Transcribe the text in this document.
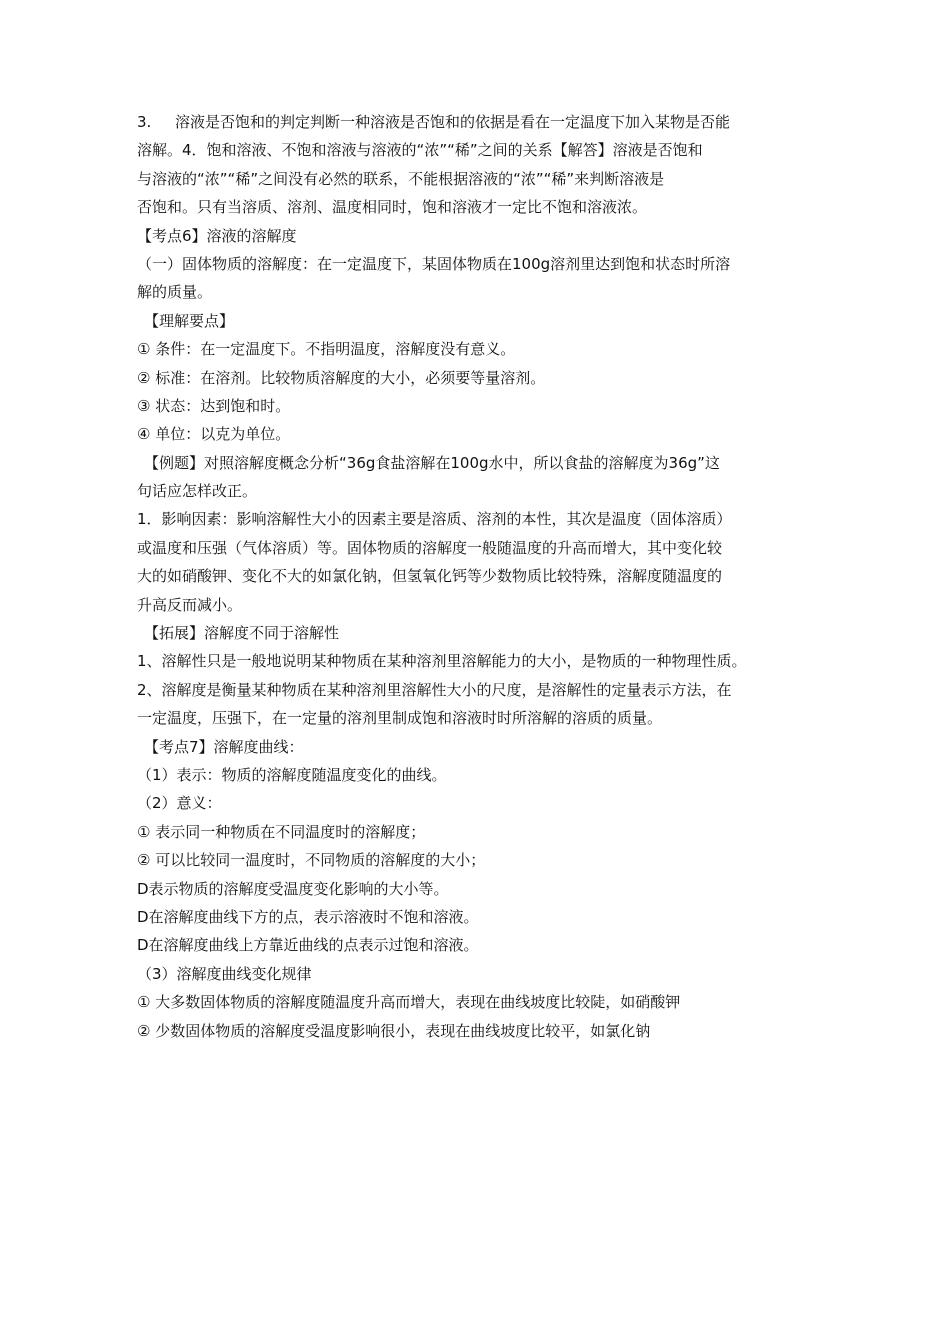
3. 溶液是否饱和的判定判断一种溶液是否饱和的依据是看在一定温度下加入某物是否能
溶解。4．饱和溶液、不饱和溶液与溶液的“浓”“稀”之间的关系【解答】溶液是否饱和
与溶液的“浓”“稀”之间没有必然的联系，不能根据溶液的“浓”“稀”来判断溶液是
否饱和。只有当溶质、溶剂、温度相同时，饱和溶液才一定比不饱和溶液浓。
【考点6】溶液的溶解度
（一）固体物质的溶解度：在一定温度下，某固体物质在100g溶剂里达到饱和状态时所溶
解的质量。
【理解要点】
① 条件：在一定温度下。不指明温度，溶解度没有意义。
② 标准：在溶剂。比较物质溶解度的大小，必须要等量溶剂。
③ 状态：达到饱和时。
④ 单位：以克为单位。
【例题】对照溶解度概念分析“36g食盐溶解在100g水中，所以食盐的溶解度为36g”这
句话应怎样改正。
1．影响因素：影响溶解性大小的因素主要是溶质、溶剂的本性，其次是温度（固体溶质）
或温度和压强（气体溶质）等。固体物质的溶解度一般随温度的升高而增大，其中变化较
大的如硝酸钾、变化不大的如氯化钠，但氢氧化钙等少数物质比较特殊，溶解度随温度的
升高反而减小。
【拓展】溶解度不同于溶解性
1、溶解性只是一般地说明某种物质在某种溶剂里溶解能力的大小，是物质的一种物理性质。
2、溶解度是衡量某种物质在某种溶剂里溶解性大小的尺度，是溶解性的定量表示方法，在
一定温度，压强下，在一定量的溶剂里制成饱和溶液时时所溶解的溶质的质量。
【考点7】溶解度曲线：
（1）表示：物质的溶解度随温度变化的曲线。
（2）意义：
① 表示同一种物质在不同温度时的溶解度；
② 可以比较同一温度时，不同物质的溶解度的大小；
D表示物质的溶解度受温度变化影响的大小等。
D在溶解度曲线下方的点，表示溶液时不饱和溶液。
D在溶解度曲线上方靠近曲线的点表示过饱和溶液。
（3）溶解度曲线变化规律
① 大多数固体物质的溶解度随温度升高而增大，表现在曲线坡度比较陡，如硝酸钾
② 少数固体物质的溶解度受温度影响很小，表现在曲线坡度比较平，如氯化钠
